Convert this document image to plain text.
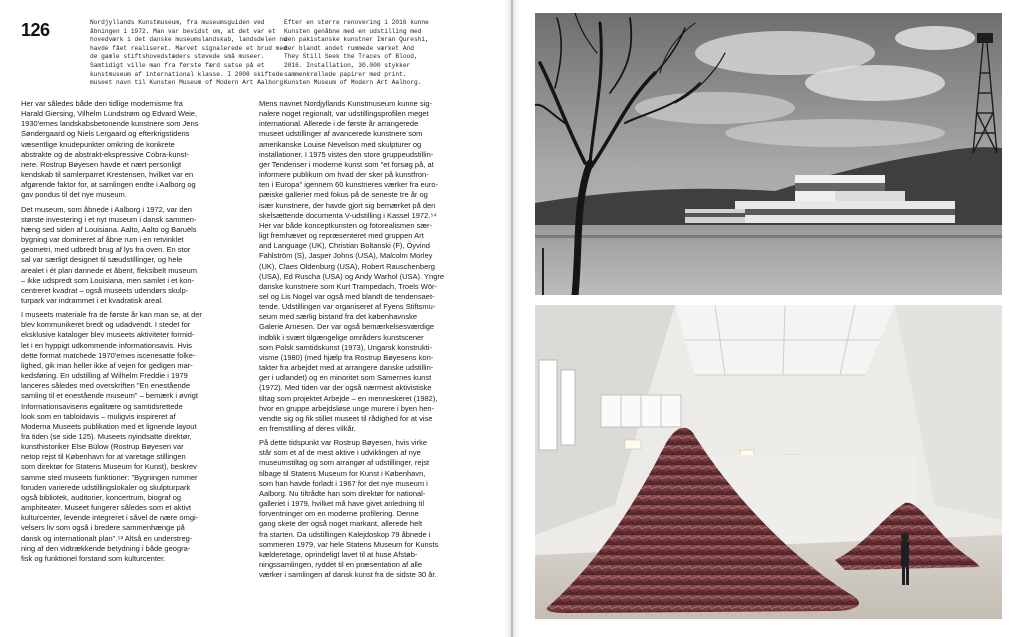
126	Nordjyllands Kunstmuseum, fra museumsguiden ved
åbningen i 1972. Man var bevidst om, at det var et
hovedværk i det danske museumslandskab, landsdelen nu
havde fået realiseret. Marvet signalerede et brud med
de gamle stiftshovedstæders støvede små museer.
Samtidigt ville man fra første færd satse på et
kunstmuseum af international klasse. I 2008 skiftede
museet navn til Kunsten Museum of Modern Art Aalborg.
Efter en større renovering i 2016 kunne
Kunsten genåbne med en udstilling med
den pakistanske kunstner Imran Qureshi,
der blandt andet rummede værket And
They Still Seek the Traces of Blood,
2016. Installation, 30.000 stykker
sammenkrøllede papirer med print.
Kunsten Museum of Modern Art Aalborg.
Her var således både den tidlige modernisme fra
Harald Giersing, Vilhelm Lundstrøm og Edvard Weie,
1930'ernes landskabsbetonende kunstnere som Jens
Søndergaard og Niels Lergaard og efterkrigstidens
væsentlige knudepunkter omkring de konkrete
abstrakte og de abstrakt-ekspressive Cobra-kunst-
nere. Rostrup Bøyesen havde et nært personligt
kendskab til samlerparret Krestensen, hvilket var en
afgørende faktor for, at samlingen endte i Aalborg og
gav pondus til det nye museum.
Det museum, som åbnede i Aalborg i 1972, var den
største investering i et nyt museum i dansk sammen-
hæng sed siden af Louisiana. Aalto, Aalto og Baruëls
bygning var domineret af åbne rum i en retvinklet
geometri, med udbredt brug af lys fra oven. En stor
sal var særligt designet til sæudstillinger, og hele
arealet i ét plan dannede et åbent, fleksibelt museum
– ikke udspredt som Louisiana, men samlet i et kon-
centreret kvadrat – også museets udendørs skulp-
turpark var indrammet i et kvadratisk areal.
I museets materiale fra de første år kan man se, at der
blev kommunikeret bredt og udadvendt. I stedet for
eksklusive kataloger blev museets aktiviteter formid-
let i en hyppigt udkommende informationsavis. Hvis
dette format matchede 1970'ernes iscenesatte folke-
lighed, gik man heller ikke af vejen for gedigen mar-
kedsføring. En udstilling af Wilhelm Freddie i 1979
lanceres således med overskriften "En enestående
samling til et enestående museum" – bemærk i øvrigt
Informationsavisens egalitære og samtidsrettede
look som en tabloidavis – muligvis inspireret af
Moderna Museets publikation med et lignende layout
fra tiden (se side 125). Museets nyindsatte direktør,
kunsthistoriker Else Bülow (Rostrup Bøyesen var
netop rejst til København for at varetage stillingen
som direktør for Statens Museum for Kunst), beskrev
samme sted museets funktioner: "Bygningen rummer
foruden varierede udstillingslokaler og skulpturpark
også bibliotek, auditorier, koncertrum, biograf og
amphiteater. Museet fungerer således som et aktivt
kulturcenter, levende integreret i såvel de nære omgi-
velsers liv som også i bredere sammenhænge på
dansk og internationalt plan".⁵³ Altså en understreg-
ning af den vidtrækkende betydning i både geogra-
fisk og funktionel forstand som kulturcenter.
Mens navnet Nordjyllands Kunstmuseum kunne sig-
nalere noget regionalt, var udstillingsprofilen meget
international. Allerede i de første år arrangerede
museet udstillinger af avancerede kunstnere som
amerikanske Louise Nevelson med skulpturer og
installationer. I 1975 vistes den store gruppeudstillin-
ger Tendenser i moderne kunst som "et forsøg på, at
informere publikum om hvad der sker på kunstfron-
ten i Europa" igennem 60 kunstneres værker fra euro-
pæiske gallerier med fokus på de seneste tre år og
især kunstnere, der havde gjort sig bemærket på den
skelsættende documenta V-udstilling i Kassel 1972.⁵⁴
Her var både konceptkunsten og fotorealismen sær-
ligt fremhævet og repræsenteret med gruppen Art
and Language (UK), Christian Boltanski (F), Öyvind
Fahlström (S), Jasper Johns (USA), Malcolm Morley
(UK), Claes Oldenburg (USA), Robert Rauschenberg
(USA), Ed Ruscha (USA) og Andy Warhol (USA). Yngre
danske kunstnere som Kurt Trampedach, Troels Wör-
sel og Lis Nogel var også med blandt de tendensaet-
tende. Udstillingen var organiseret af Fyens Stiftsmu-
seum med særlig bistand fra det københavnske
Galerie Arnesen. Der var også bemærkelsesværdige
indblik i svært tilgængelige områders kunstscener
som Polsk samtidskunst (1973), Ungarsk konstrukti-
visme (1980) (med hjælp fra Rostrup Bøyesens kon-
takter fra arbejdet med at arrangere danske udstillin-
ger i udlandet) og en minoritet som Samernes kunst
(1972). Med tiden var der også nærmest aktivistiske
tiltag som projektet Arbejde – en menneskeret (1982),
hvor en gruppe arbejdsløse unge murere i byen hen-
vendte sig og fik stillet museet til rådighed for at vise
en fremstilling af deres vilkår.
På dette tidspunkt var Rostrup Bøyesen, hvis virke
står som et af de mest aktive i udviklingen af nye
museumstiltag og som arrangør af udstillinger, rejst
tilbage til Statens Museum for Kunst i København,
som han havde forladt i 1967 for det nye museum i
Aalborg. Nu tiltrådte han som direktør for national-
galleriet i 1979, hvilket må have givet anledning til
forventninger om en moderne profilering. Denne
gang skete der også noget markant, allerede helt
fra starten. Da udstillingen Kalejdoskop 79 åbnede i
sommeren 1979, var hele Statens Museum for Kunsts
kælderetage, oprindeligt lavet til at huse Afstøb-
ningssamlingen, ryddet til en præsentation af alle
værker i samlingen af dansk kunst fra de sidste 30 år.
